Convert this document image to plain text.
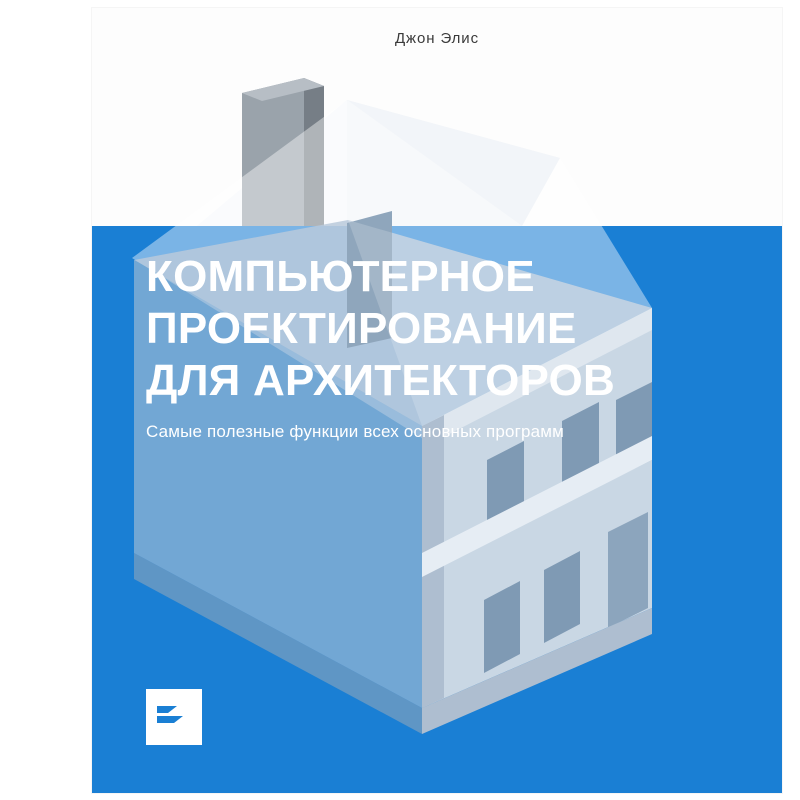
Джон Элис
КОМПЬЮТЕРНОЕ
ПРОЕКТИРОВАНИЕ
ДЛЯ АРХИТЕКТОРОВ
Самые полезные функции всех основных программ
